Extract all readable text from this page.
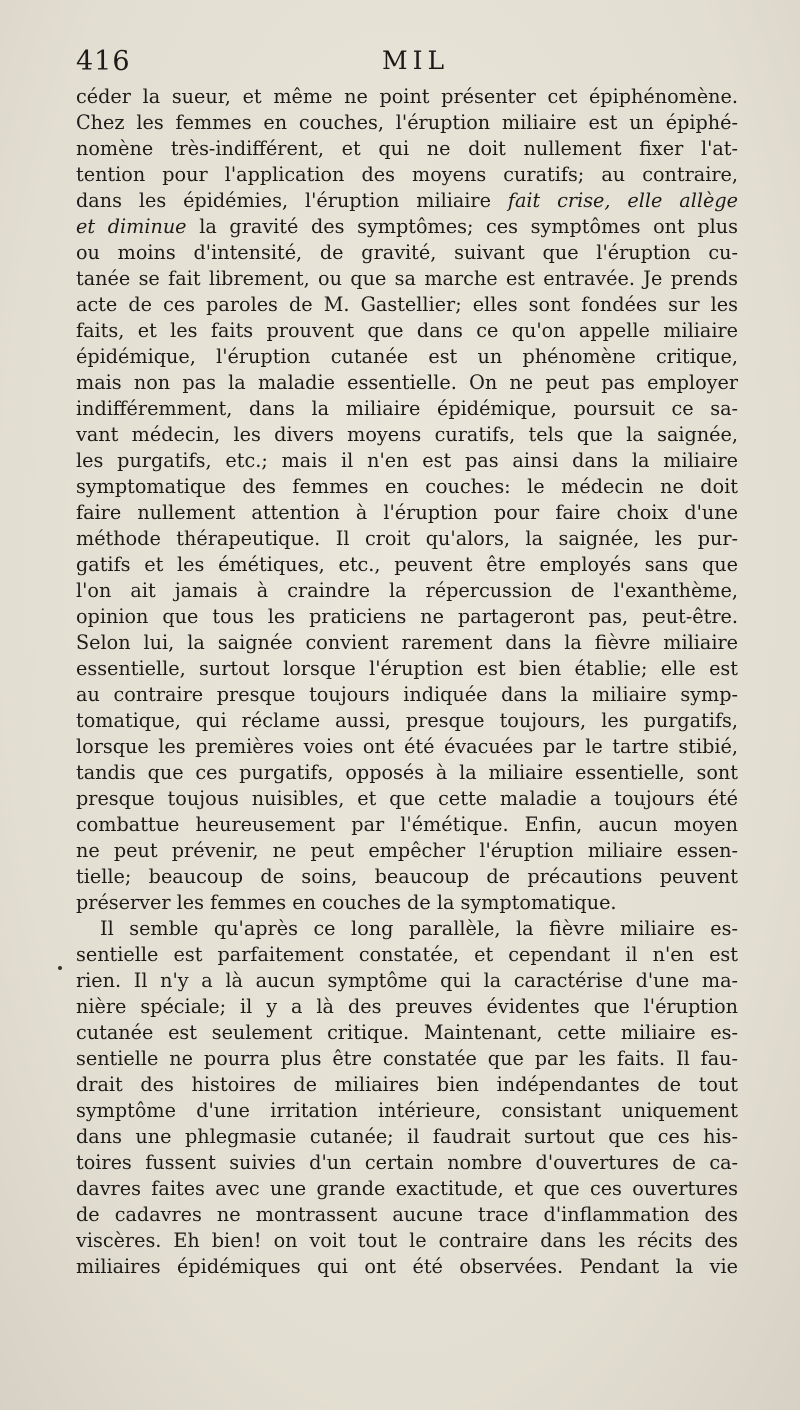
416	MIL
céder la sueur, et même ne point présenter cet épiphénomène.
Chez les femmes en couches, l'éruption miliaire est un épiphé-
nomène très-indifférent, et qui ne doit nullement fixer l'at-
tention pour l'application des moyens curatifs; au contraire,
dans les épidémies, l'éruption miliaire fait crise, elle allège
et diminue la gravité des symptômes; ces symptômes ont plus
ou moins d'intensité, de gravité, suivant que l'éruption cu-
tanée se fait librement, ou que sa marche est entravée. Je prends
acte de ces paroles de M. Gastellier; elles sont fondées sur les
faits, et les faits prouvent que dans ce qu'on appelle miliaire
épidémique, l'éruption cutanée est un phénomène critique,
mais non pas la maladie essentielle. On ne peut pas employer
indifféremment, dans la miliaire épidémique, poursuit ce sa-
vant médecin, les divers moyens curatifs, tels que la saignée,
les purgatifs, etc.; mais il n'en est pas ainsi dans la miliaire
symptomatique des femmes en couches: le médecin ne doit
faire nullement attention à l'éruption pour faire choix d'une
méthode thérapeutique. Il croit qu'alors, la saignée, les pur-
gatifs et les émétiques, etc., peuvent être employés sans que
l'on ait jamais à craindre la répercussion de l'exanthème,
opinion que tous les praticiens ne partageront pas, peut-être.
Selon lui, la saignée convient rarement dans la fièvre miliaire
essentielle, surtout lorsque l'éruption est bien établie; elle est
au contraire presque toujours indiquée dans la miliaire symp-
tomatique, qui réclame aussi, presque toujours, les purgatifs,
lorsque les premières voies ont été évacuées par le tartre stibié,
tandis que ces purgatifs, opposés à la miliaire essentielle, sont
presque toujous nuisibles, et que cette maladie a toujours été
combattue heureusement par l'émétique. Enfin, aucun moyen
ne peut prévenir, ne peut empêcher l'éruption miliaire essen-
tielle; beaucoup de soins, beaucoup de précautions peuvent
préserver les femmes en couches de la symptomatique.
Il semble qu'après ce long parallèle, la fièvre miliaire es-
sentielle est parfaitement constatée, et cependant il n'en est
rien. Il n'y a là aucun symptôme qui la caractérise d'une ma-
nière spéciale; il y a là des preuves évidentes que l'éruption
cutanée est seulement critique. Maintenant, cette miliaire es-
sentielle ne pourra plus être constatée que par les faits. Il fau-
drait des histoires de miliaires bien indépendantes de tout
symptôme d'une irritation intérieure, consistant uniquement
dans une phlegmasie cutanée; il faudrait surtout que ces his-
toires fussent suivies d'un certain nombre d'ouvertures de ca-
davres faites avec une grande exactitude, et que ces ouvertures
de cadavres ne montrassent aucune trace d'inflammation des
viscères. Eh bien! on voit tout le contraire dans les récits des
miliaires épidémiques qui ont été observées. Pendant la vie
